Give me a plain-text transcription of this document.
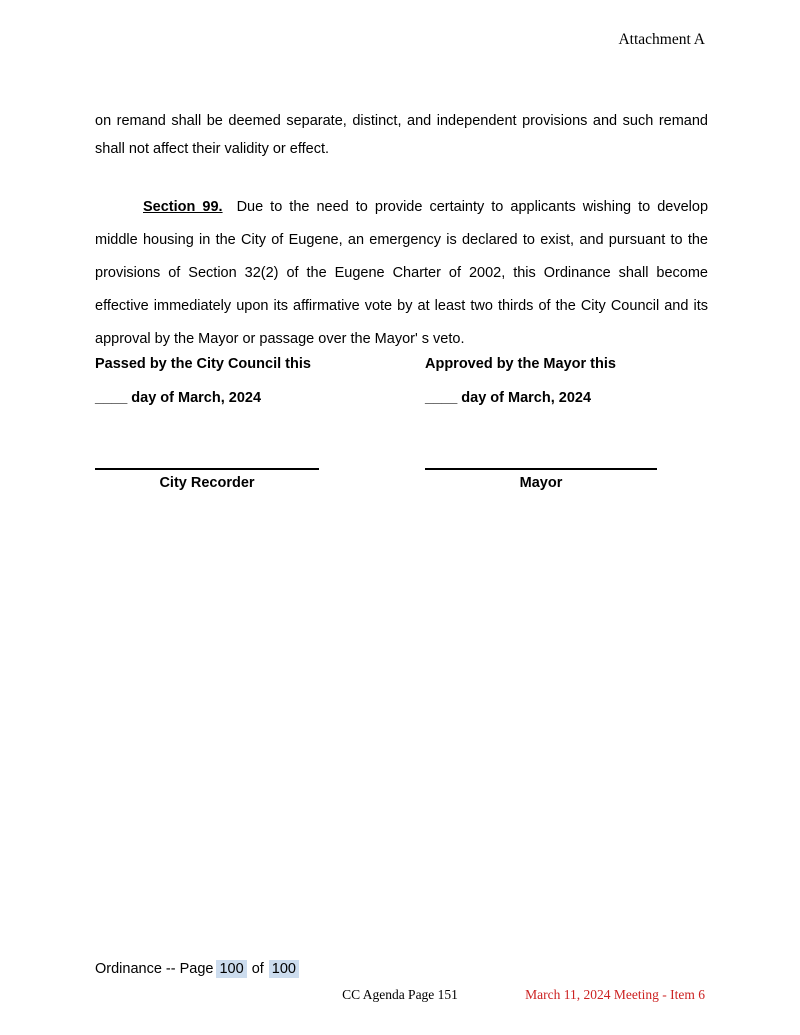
Attachment A

on remand shall be deemed separate, distinct, and independent provisions and such remand shall not affect their validity or effect.

Section 99. Due to the need to provide certainty to applicants wishing to develop middle housing in the City of Eugene, an emergency is declared to exist, and pursuant to the provisions of Section 32(2) of the Eugene Charter of 2002, this Ordinance shall become effective immediately upon its affirmative vote by at least two thirds of the City Council and its approval by the Mayor or passage over the Mayor' s veto.

Passed by the City Council this
____ day of March, 2024
Approved by the Mayor this
____ day of March, 2024
City Recorder	Mayor
Ordinance -- Page 100 of 100
CC Agenda Page 151	March 11, 2024 Meeting - Item 6
